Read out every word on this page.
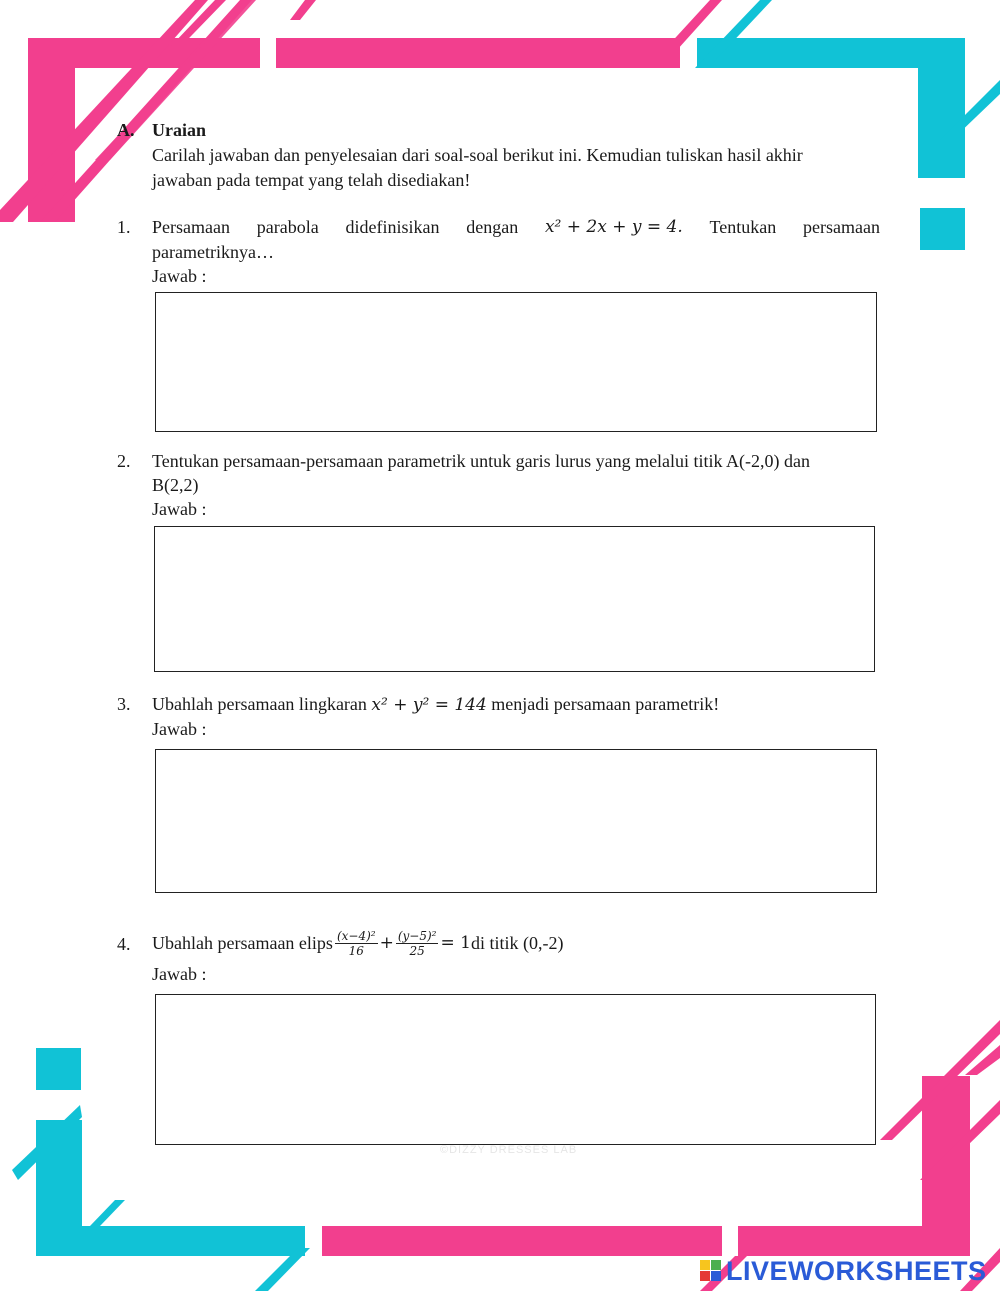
A. Uraian
Carilah jawaban dan penyelesaian dari soal-soal berikut ini. Kemudian tuliskan hasil akhir
jawaban pada tempat yang telah disediakan!
1. Persamaan parabola didefinisikan dengan x² + 2x + y = 4. Tentukan persamaan
parametriknya…
Jawab :
2. Tentukan persamaan-persamaan parametrik untuk garis lurus yang melalui titik A(-2,0) dan
B(2,2)
Jawab :
3. Ubahlah persamaan lingkaran x² + y² = 144 menjadi persamaan parametrik!
Jawab :
4. Ubahlah persamaan elips $\frac{\text{(x−4)²}}{16} + \frac{\text{(y−5)²}}{25} = 1$ di titik (0,-2)
Jawab :
©DIZZY DRESSES LAB
LIVEWORKSHEETS
